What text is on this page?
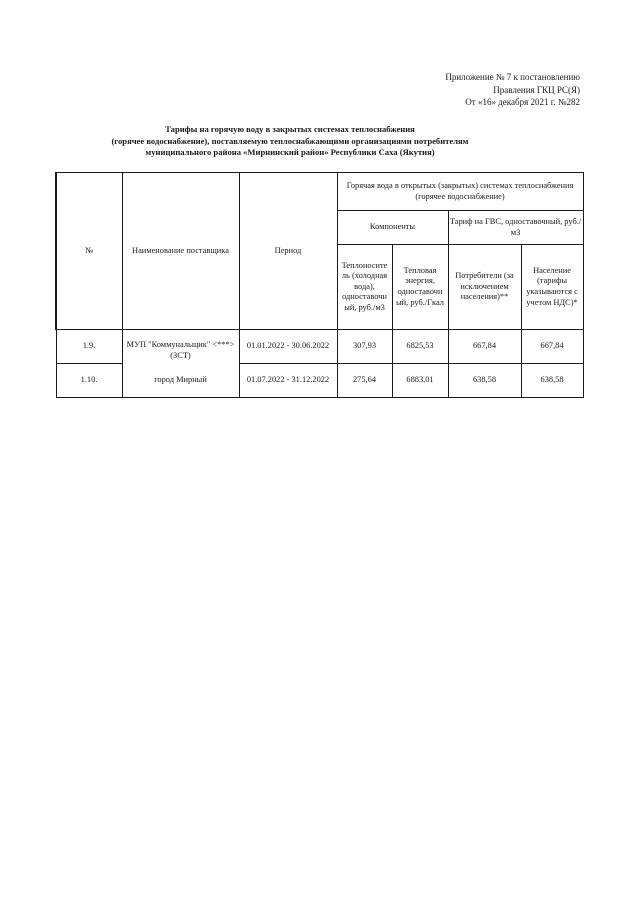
Приложение № 7 к постановлению
Правления ГКЦ РС(Я)
От «16» декабря 2021 г. №282
Тарифы на горячую воду в закрытых системах теплоснабжения
(горячее водоснабжение), поставляемую теплоснабжающими организациями потребителям
муниципального района «Мирнинский район» Республики Саха (Якутия)
№	Наименование поставщика	Период	Горячая вода в открытых (закрытых) системах теплоснабжения (горячее водоснабжение)			
			Компоненты		Тариф на ГВС, одноставочный, руб./м3	
			Теплоносите ль (холодная вода), одноставочн ый, руб./м3	Тепловая энергия, одноставочн ый, руб./Гкал	Потребители (за исключением населения)**	Население (тарифы указываются с учетом НДС)*
1.9.	МУП "Коммунальщик" <***> (ЗСТ)	01.01.2022 - 30.06.2022	307,93	6825,53	667,84	667,84
1.10.	город Мирный	01.07.2022 - 31.12.2022	275,64	6883,01	638,58	638,58
